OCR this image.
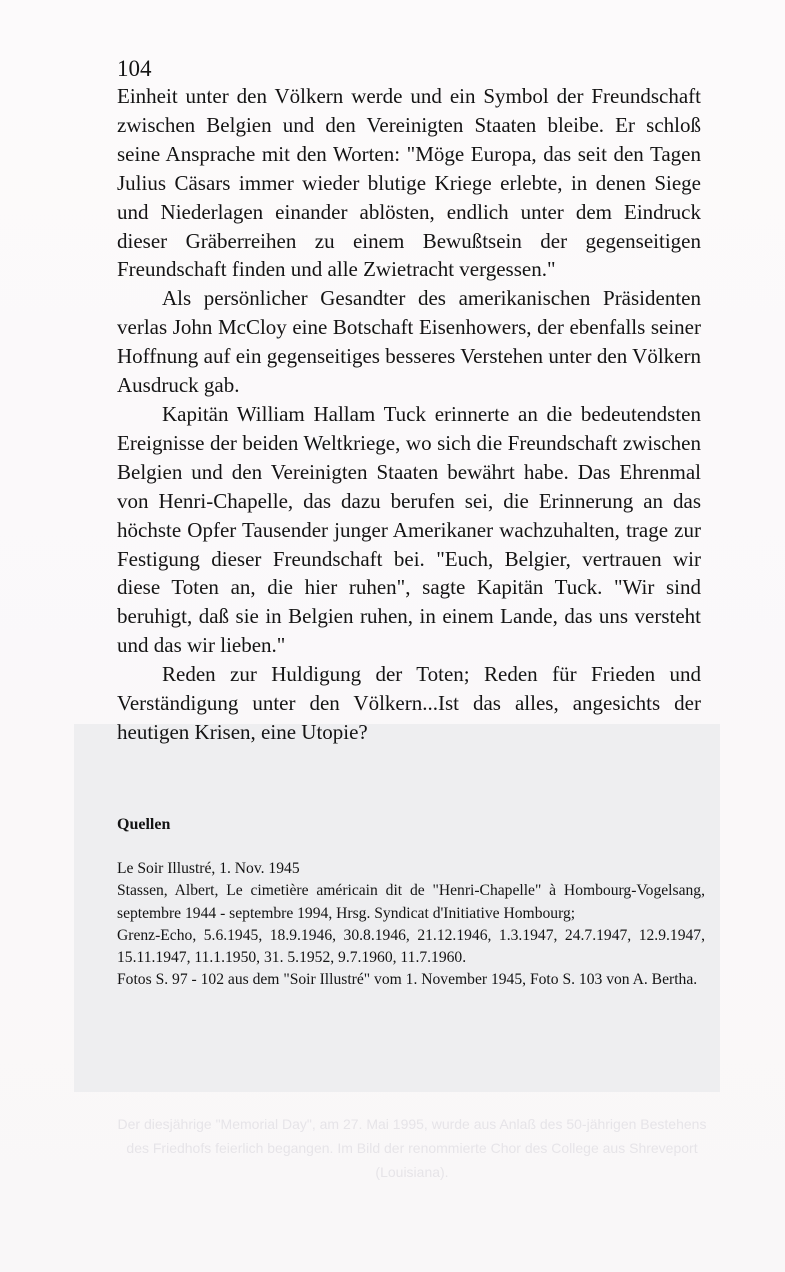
Der diesjährige "Memorial Day", am 27. Mai 1995, wurde aus Anlaß des 50-jährigen Bestehens des Friedhofs feierlich begangen. Im Bild der renommierte Chor des College aus Shreveport (Louisiana).
104

Einheit unter den Völkern werde und ein Symbol der Freundschaft zwischen Belgien und den Vereinigten Staaten bleibe. Er schloß seine Ansprache mit den Worten: "Möge Europa, das seit den Tagen Julius Cäsars immer wieder blutige Kriege erlebte, in denen Siege und Niederlagen einander ablösten, endlich unter dem Eindruck dieser Gräberreihen zu einem Bewußtsein der gegenseitigen Freundschaft finden und alle Zwietracht vergessen."

Als persönlicher Gesandter des amerikanischen Präsidenten verlas John McCloy eine Botschaft Eisenhowers, der ebenfalls seiner Hoffnung auf ein gegenseitiges besseres Verstehen unter den Völkern Ausdruck gab.

Kapitän William Hallam Tuck erinnerte an die bedeutendsten Ereignisse der beiden Weltkriege, wo sich die Freundschaft zwischen Belgien und den Vereinigten Staaten bewährt habe. Das Ehrenmal von Henri-Chapelle, das dazu berufen sei, die Erinnerung an das höchste Opfer Tausender junger Amerikaner wachzuhalten, trage zur Festigung dieser Freundschaft bei. "Euch, Belgier, vertrauen wir diese Toten an, die hier ruhen", sagte Kapitän Tuck. "Wir sind beruhigt, daß sie in Belgien ruhen, in einem Lande, das uns versteht und das wir lieben."

Reden zur Huldigung der Toten; Reden für Frieden und Verständigung unter den Völkern...Ist das alles, angesichts der heutigen Krisen, eine Utopie?

Quellen

Le Soir Illustré, 1. Nov. 1945

Stassen, Albert, Le cimetière américain dit de "Henri-Chapelle" à Hombourg-Vogelsang, septembre 1944 - septembre 1994, Hrsg. Syndicat d'Initiative Hombourg;

Grenz-Echo, 5.6.1945, 18.9.1946, 30.8.1946, 21.12.1946, 1.3.1947, 24.7.1947, 12.9.1947, 15.11.1947, 11.1.1950, 31. 5.1952, 9.7.1960, 11.7.1960.

Fotos S. 97 - 102 aus dem "Soir Illustré" vom 1. November 1945, Foto S. 103 von A. Bertha.
